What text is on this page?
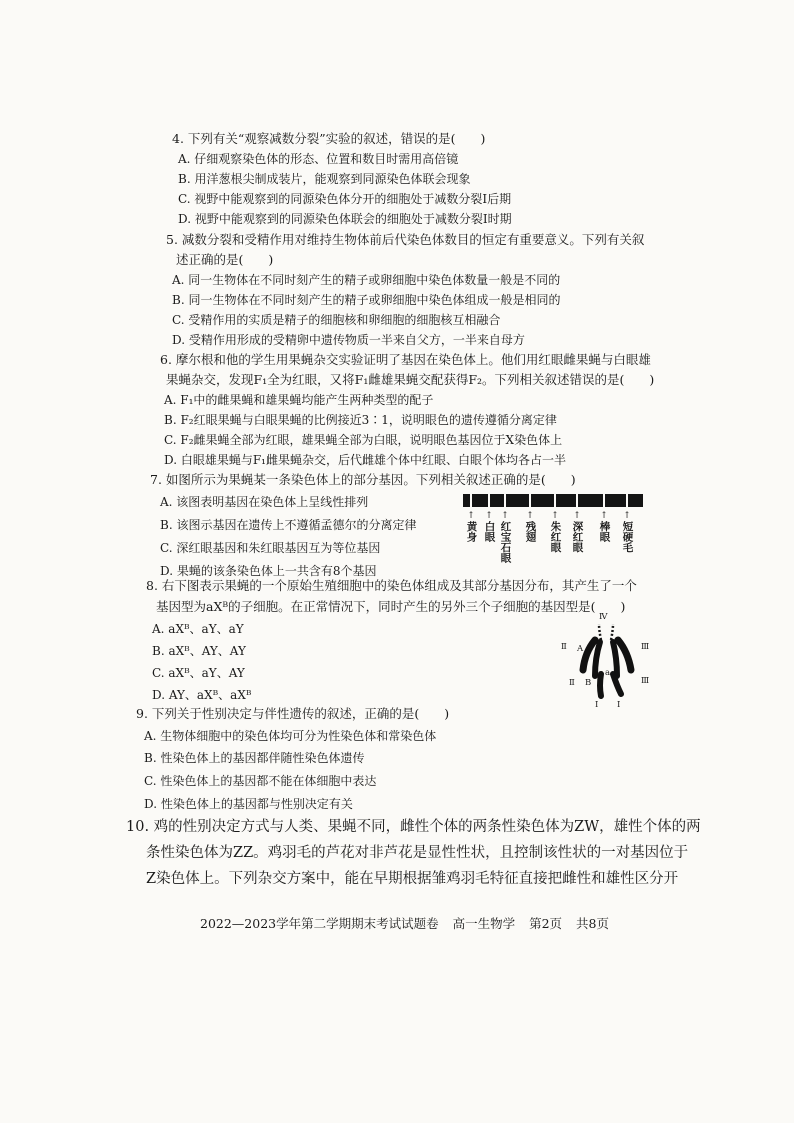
4. 下列有关“观察减数分裂”实验的叙述，错误的是(　　)
A. 仔细观察染色体的形态、位置和数目时需用高倍镜
B. 用洋葱根尖制成装片，能观察到同源染色体联会现象
C. 视野中能观察到的同源染色体分开的细胞处于减数分裂Ⅰ后期
D. 视野中能观察到的同源染色体联会的细胞处于减数分裂Ⅰ时期
5. 减数分裂和受精作用对维持生物体前后代染色体数目的恒定有重要意义。下列有关叙
述正确的是(　　)
A. 同一生物体在不同时刻产生的精子或卵细胞中染色体数量一般是不同的
B. 同一生物体在不同时刻产生的精子或卵细胞中染色体组成一般是相同的
C. 受精作用的实质是精子的细胞核和卵细胞的细胞核互相融合
D. 受精作用形成的受精卵中遗传物质一半来自父方，一半来自母方
6. 摩尔根和他的学生用果蝇杂交实验证明了基因在染色体上。他们用红眼雌果蝇与白眼雄
果蝇杂交，发现F₁全为红眼，又将F₁雌雄果蝇交配获得F₂。下列相关叙述错误的是(　　)
A. F₁中的雌果蝇和雄果蝇均能产生两种类型的配子
B. F₂红眼果蝇与白眼果蝇的比例接近3∶1，说明眼色的遗传遵循分离定律
C. F₂雌果蝇全部为红眼，雄果蝇全部为白眼，说明眼色基因位于X染色体上
D. 白眼雄果蝇与F₁雌果蝇杂交，后代雌雄个体中红眼、白眼个体均各占一半
7. 如图所示为果蝇某一条染色体上的部分基因。下列相关叙述正确的是(　　)
A. 该图表明基因在染色体上呈线性排列
B. 该图示基因在遗传上不遵循孟德尔的分离定律
C. 深红眼基因和朱红眼基因互为等位基因
D. 果蝇的该条染色体上一共含有8个基因
↑
黄身
↑
白眼
↑
红宝石眼
↑
残翅
↑
朱红眼
↑
深红眼
↑
棒眼
↑
短硬毛
8. 右下图表示果蝇的一个原始生殖细胞中的染色体组成及其部分基因分布，其产生了一个
基因型为aXᴮ的子细胞。在正常情况下，同时产生的另外三个子细胞的基因型是(　　)
A. aXᴮ、aY、aY
B. aXᴮ、AY、AY
C. aXᴮ、aY、AY
D. AY、aXᴮ、aXᴮ
Ⅳ
Ⅱ	Ⅲ
A
a
Ⅱ B	Ⅲ
Ⅰ Ⅰ
9. 下列关于性别决定与伴性遗传的叙述，正确的是(　　)
A. 生物体细胞中的染色体均可分为性染色体和常染色体
B. 性染色体上的基因都伴随性染色体遗传
C. 性染色体上的基因都不能在体细胞中表达
D. 性染色体上的基因都与性别决定有关
10. 鸡的性别决定方式与人类、果蝇不同，雌性个体的两条性染色体为ZW，雄性个体的两
条性染色体为ZZ。鸡羽毛的芦花对非芦花是显性性状，且控制该性状的一对基因位于
Z染色体上。下列杂交方案中，能在早期根据雏鸡羽毛特征直接把雌性和雄性区分开
2022—2023学年第二学期期末考试试题卷 高一生物学 第2页 共8页
